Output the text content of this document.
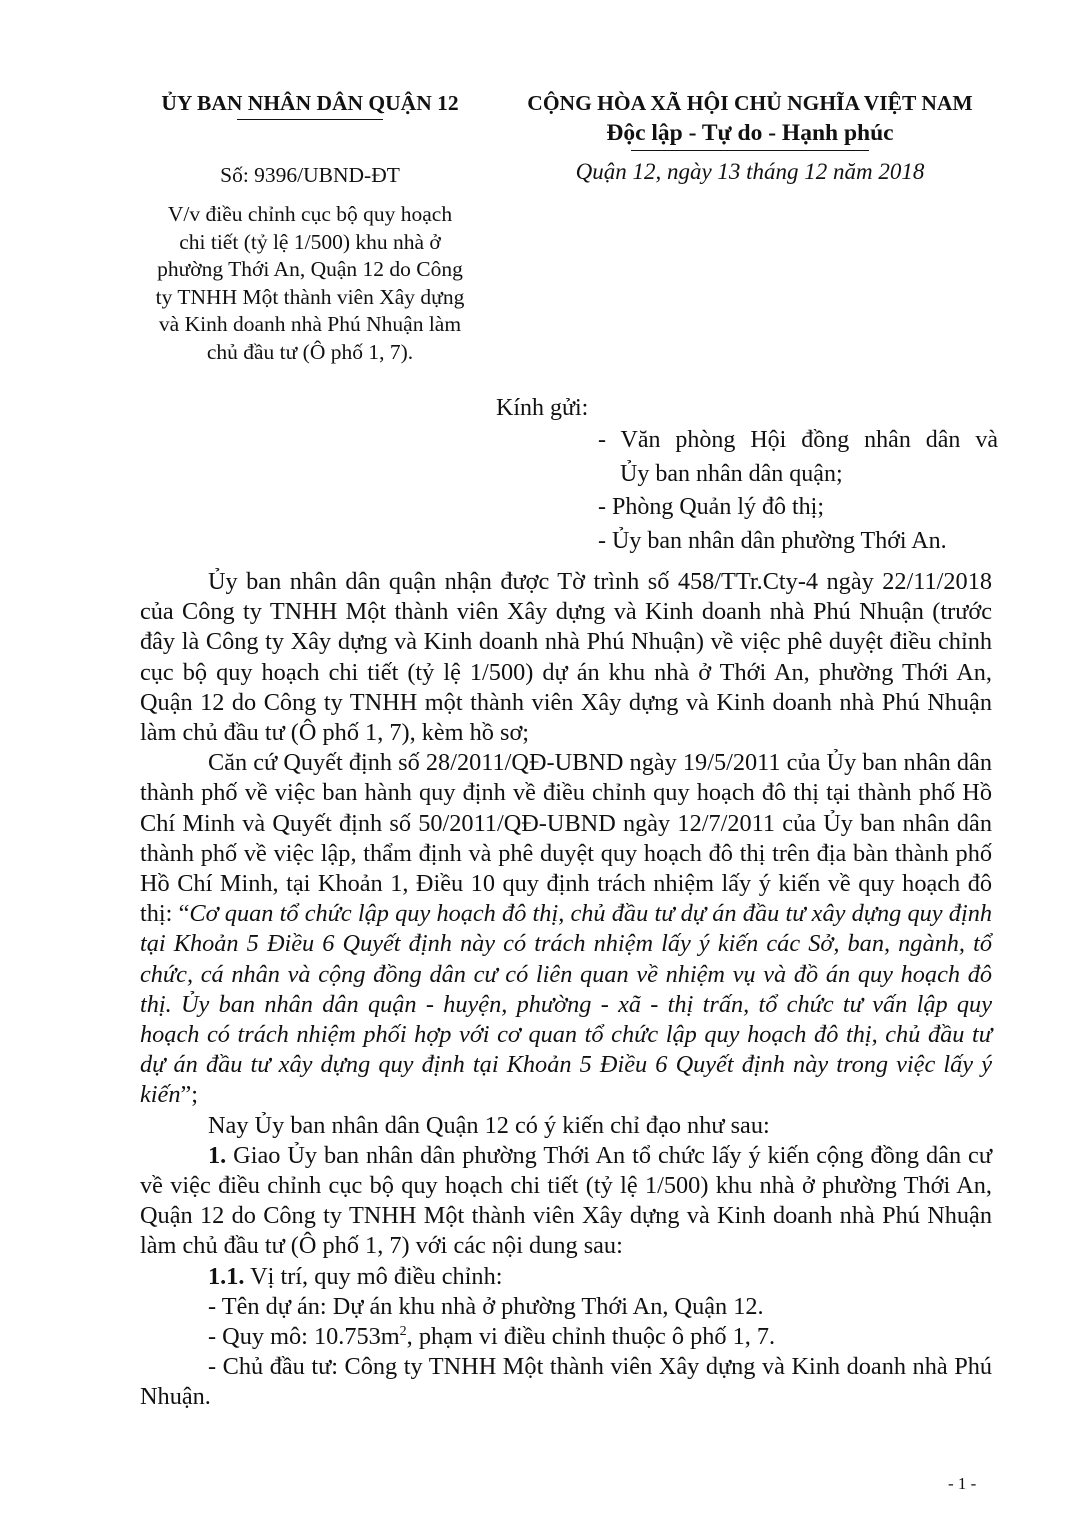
ỦY BAN NHÂN DÂN QUẬN 12	CỘNG HÒA XÃ HỘI CHỦ NGHĨA VIỆT NAM
Độc lập - Tự do - Hạnh phúc
Số: 9396/UBND-ĐT	Quận 12, ngày 13 tháng 12 năm 2018
V/v điều chỉnh cục bộ quy hoạch
chi tiết (tỷ lệ 1/500) khu nhà ở
phường Thới An, Quận 12 do Công
ty TNHH Một thành viên Xây dựng
và Kinh doanh nhà Phú Nhuận làm
chủ đầu tư (Ô phố 1, 7).
Kính gửi:
- Văn phòng Hội đồng nhân dân và
Ủy ban nhân dân quận;
- Phòng Quản lý đô thị;
- Ủy ban nhân dân phường Thới An.

Ủy ban nhân dân quận nhận được Tờ trình số 458/TTr.Cty-4 ngày 22/11/2018 của Công ty TNHH Một thành viên Xây dựng và Kinh doanh nhà Phú Nhuận (trước đây là Công ty Xây dựng và Kinh doanh nhà Phú Nhuận) về việc phê duyệt điều chỉnh cục bộ quy hoạch chi tiết (tỷ lệ 1/500) dự án khu nhà ở Thới An, phường Thới An, Quận 12 do Công ty TNHH một thành viên Xây dựng và Kinh doanh nhà Phú Nhuận làm chủ đầu tư (Ô phố 1, 7), kèm hồ sơ;

Căn cứ Quyết định số 28/2011/QĐ-UBND ngày 19/5/2011 của Ủy ban nhân dân thành phố về việc ban hành quy định về điều chỉnh quy hoạch đô thị tại thành phố Hồ Chí Minh và Quyết định số 50/2011/QĐ-UBND ngày 12/7/2011 của Ủy ban nhân dân thành phố về việc lập, thẩm định và phê duyệt quy hoạch đô thị trên địa bàn thành phố Hồ Chí Minh, tại Khoản 1, Điều 10 quy định trách nhiệm lấy ý kiến về quy hoạch đô thị: “Cơ quan tổ chức lập quy hoạch đô thị, chủ đầu tư dự án đầu tư xây dựng quy định tại Khoản 5 Điều 6 Quyết định này có trách nhiệm lấy ý kiến các Sở, ban, ngành, tổ chức, cá nhân và cộng đồng dân cư có liên quan về nhiệm vụ và đồ án quy hoạch đô thị. Ủy ban nhân dân quận - huyện, phường - xã - thị trấn, tổ chức tư vấn lập quy hoạch có trách nhiệm phối hợp với cơ quan tổ chức lập quy hoạch đô thị, chủ đầu tư dự án đầu tư xây dựng quy định tại Khoản 5 Điều 6 Quyết định này trong việc lấy ý kiến”;

Nay Ủy ban nhân dân Quận 12 có ý kiến chỉ đạo như sau:

1. Giao Ủy ban nhân dân phường Thới An tổ chức lấy ý kiến cộng đồng dân cư về việc điều chỉnh cục bộ quy hoạch chi tiết (tỷ lệ 1/500) khu nhà ở phường Thới An, Quận 12 do Công ty TNHH Một thành viên Xây dựng và Kinh doanh nhà Phú Nhuận làm chủ đầu tư (Ô phố 1, 7) với các nội dung sau:

1.1. Vị trí, quy mô điều chỉnh:

- Tên dự án: Dự án khu nhà ở phường Thới An, Quận 12.

- Quy mô: $10.753m^2$, phạm vi điều chỉnh thuộc ô phố 1, 7.

- Chủ đầu tư: Công ty TNHH Một thành viên Xây dựng và Kinh doanh nhà Phú Nhuận.

- 1 -
